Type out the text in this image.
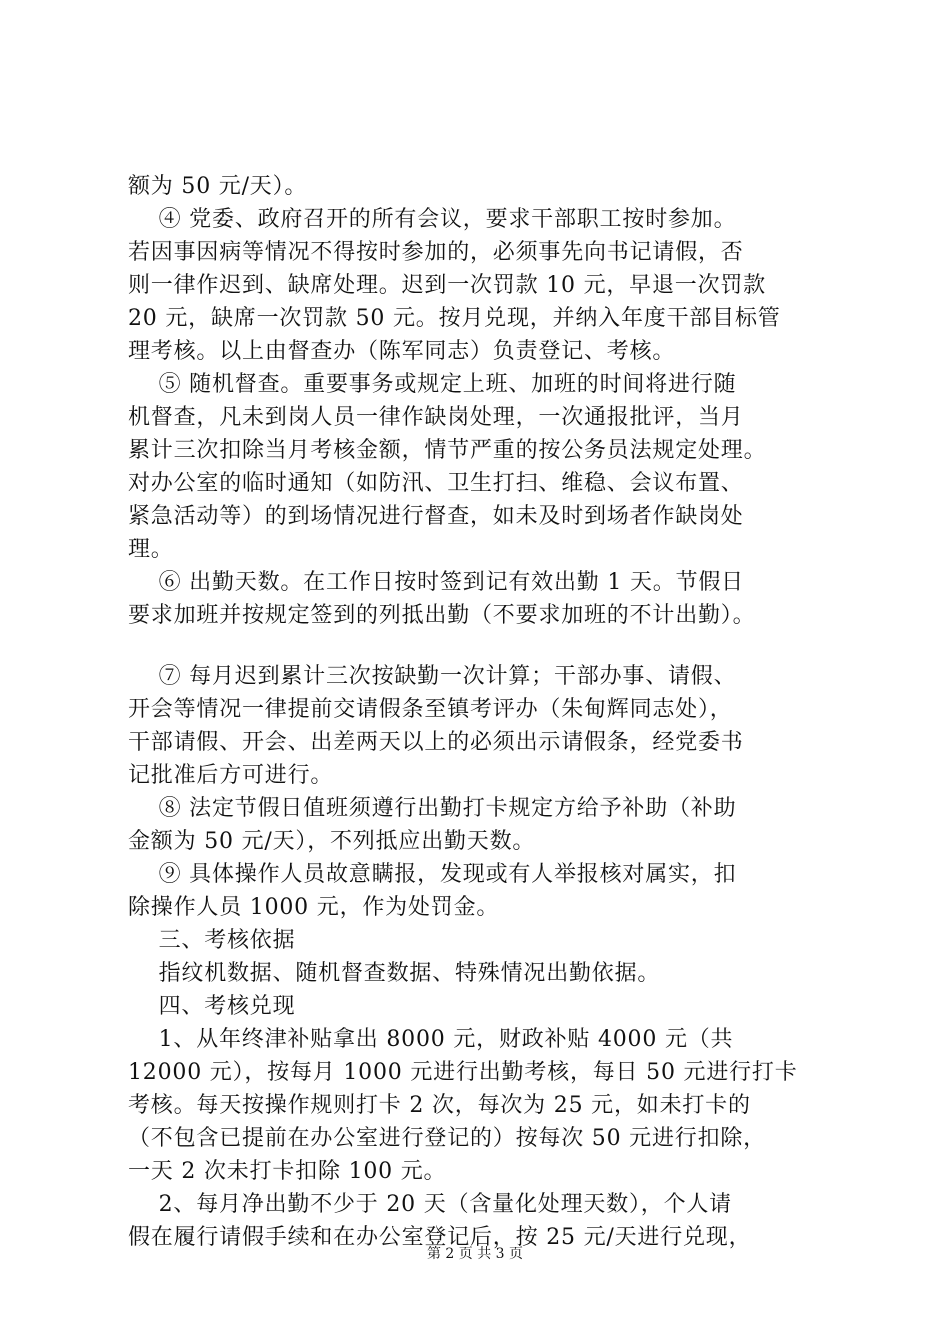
额为 50 元/天）。
　 ④ 党委、政府召开的所有会议，要求干部职工按时参加。
若因事因病等情况不得按时参加的，必须事先向书记请假，否
则一律作迟到、缺席处理。迟到一次罚款 10 元，早退一次罚款
20 元，缺席一次罚款 50 元。按月兑现，并纳入年度干部目标管
理考核。以上由督查办（陈军同志）负责登记、考核。
　 ⑤ 随机督查。重要事务或规定上班、加班的时间将进行随
机督查，凡未到岗人员一律作缺岗处理，一次通报批评，当月
累计三次扣除当月考核金额，情节严重的按公务员法规定处理。
对办公室的临时通知（如防汛、卫生打扫、维稳、会议布置、
紧急活动等）的到场情况进行督查，如未及时到场者作缺岗处
理。
　 ⑥ 出勤天数。在工作日按时签到记有效出勤 1 天。节假日
要求加班并按规定签到的列抵出勤（不要求加班的不计出勤）。
　 ⑦ 每月迟到累计三次按缺勤一次计算；干部办事、请假、
开会等情况一律提前交请假条至镇考评办（朱甸辉同志处），
干部请假、开会、出差两天以上的必须出示请假条，经党委书
记批准后方可进行。
　 ⑧ 法定节假日值班须遵行出勤打卡规定方给予补助（补助
金额为 50 元/天），不列抵应出勤天数。
　 ⑨ 具体操作人员故意瞒报，发现或有人举报核对属实，扣
除操作人员 1000 元，作为处罚金。
　 三、考核依据
　 指纹机数据、随机督查数据、特殊情况出勤依据。
　 四、考核兑现
　 1、从年终津补贴拿出 8000 元，财政补贴 4000 元（共
12000 元），按每月 1000 元进行出勤考核，每日 50 元进行打卡
考核。每天按操作规则打卡 2 次，每次为 25 元，如未打卡的
（不包含已提前在办公室进行登记的）按每次 50 元进行扣除，
一天 2 次未打卡扣除 100 元。
　 2、每月净出勤不少于 20 天（含量化处理天数），个人请
假在履行请假手续和在办公室登记后，按 25 元/天进行兑现，
第 2 页 共 3 页
